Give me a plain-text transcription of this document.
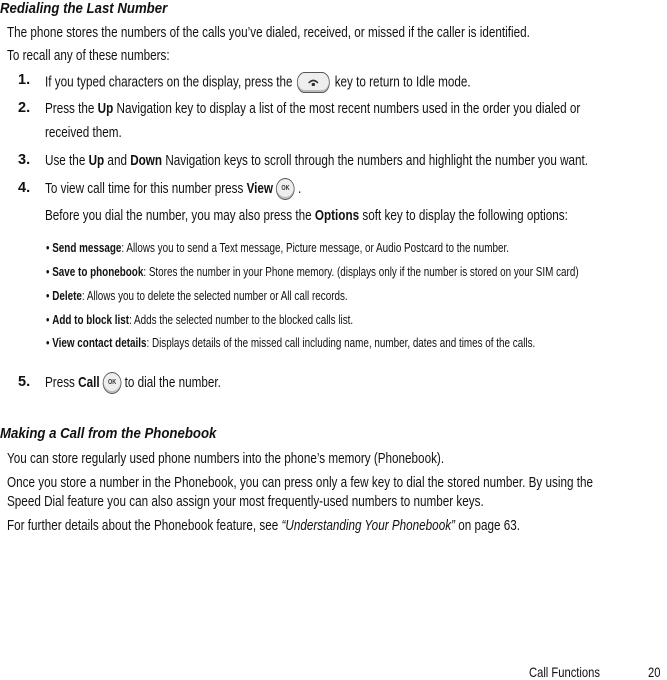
Redialing the Last Number
The phone stores the numbers of the calls you’ve dialed, received, or missed if the caller is identified.
To recall any of these numbers:
1. If you typed characters on the display, press the	key to return to Idle mode.
2. Press the Up Navigation key to display a list of the most recent numbers used in the order you dialed or
received them.
3. Use the Up and Down Navigation keys to scroll through the numbers and highlight the number you want.
4. To view call time for this number press View OK .
Before you dial the number, you may also press the Options soft key to display the following options:
• Send message: Allows you to send a Text message, Picture message, or Audio Postcard to the number.
• Save to phonebook: Stores the number in your Phone memory. (displays only if the number is stored on your SIM card)
• Delete: Allows you to delete the selected number or All call records.
• Add to block list: Adds the selected number to the blocked calls list.
• View contact details: Displays details of the missed call including name, number, dates and times of the calls.
5. Press Call OK to dial the number.
Making a Call from the Phonebook
You can store regularly used phone numbers into the phone’s memory (Phonebook).
Once you store a number in the Phonebook, you can press only a few key to dial the stored number. By using the
Speed Dial feature you can also assign your most frequently-used numbers to number keys.
For further details about the Phonebook feature, see “Understanding Your Phonebook” on page 63.
Call Functions	20
